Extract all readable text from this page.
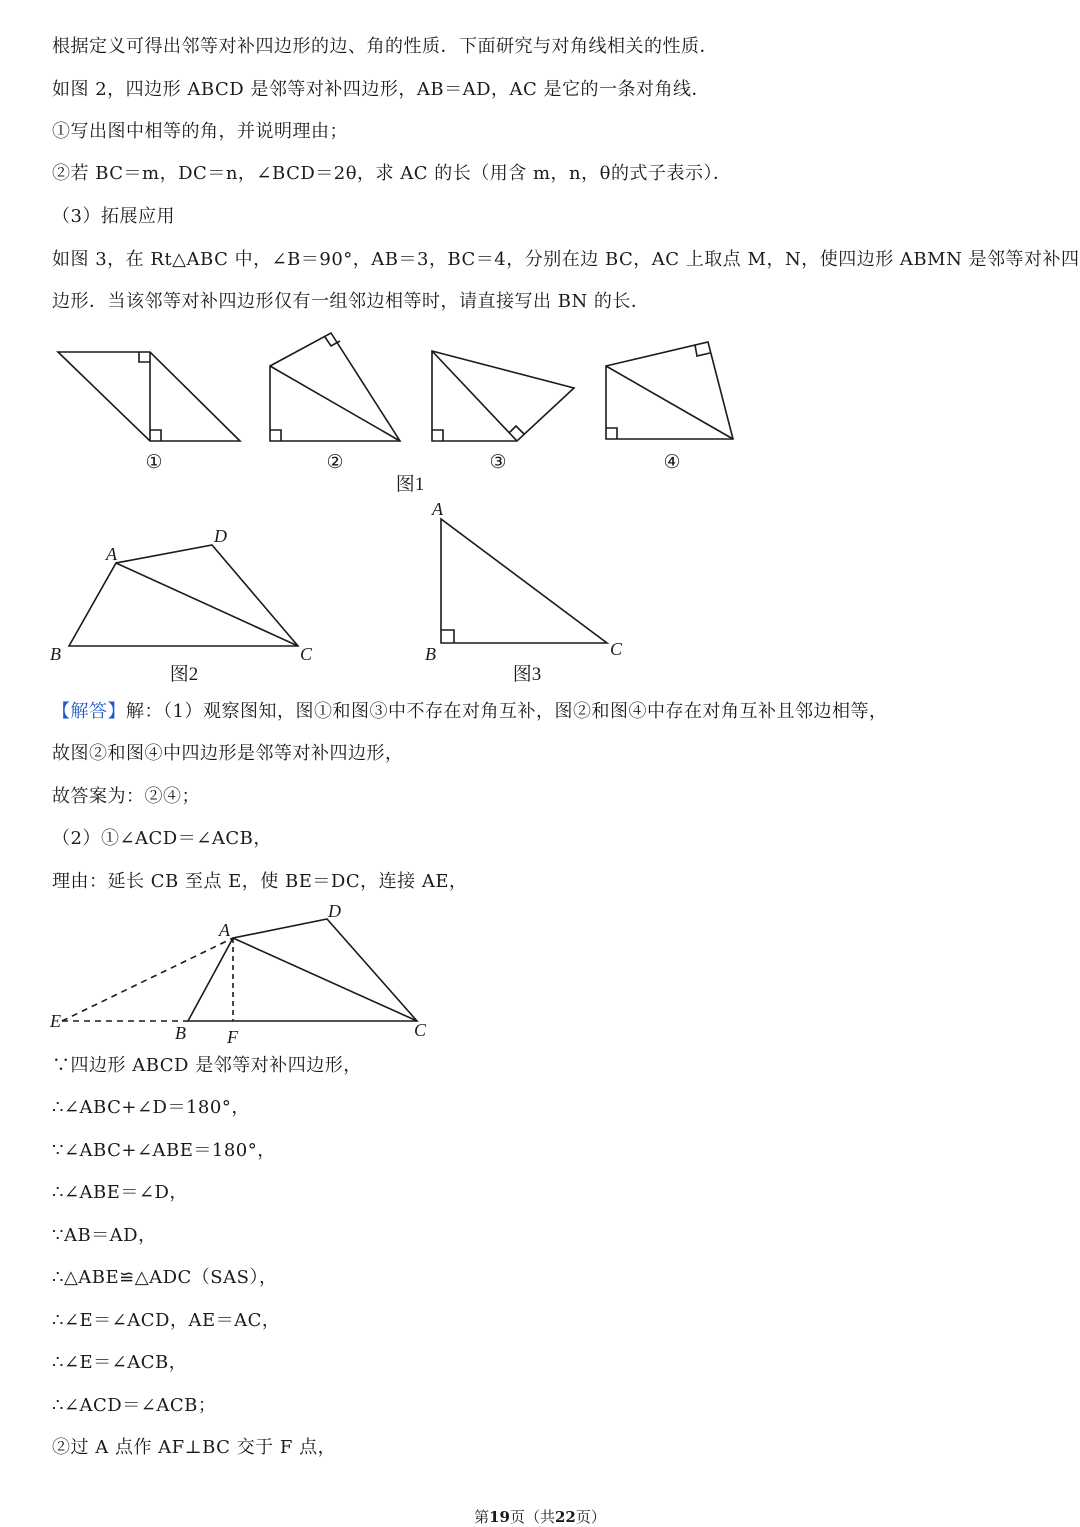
根据定义可得出邻等对补四边形的边、角的性质．下面研究与对角线相关的性质．
如图 2，四边形 ABCD 是邻等对补四边形，AB＝AD，AC 是它的一条对角线．
①写出图中相等的角，并说明理由；
②若 BC＝m，DC＝n，∠BCD＝2θ，求 AC 的长（用含 m，n，θ的式子表示）．
（3）拓展应用
如图 3，在 Rt△ABC 中，∠B＝90°，AB＝3，BC＝4，分别在边 BC，AC 上取点 M，N，使四边形 ABMN 是邻等对补四
边形．当该邻等对补四边形仅有一组邻边相等时，请直接写出 BN 的长．
①	②	③	④
图1
图2	图3
A
B	C
D
A
B	C
A
B	C
D
E
F
【解答】解：（1）观察图知，图①和图③中不存在对角互补，图②和图④中存在对角互补且邻边相等，
故图②和图④中四边形是邻等对补四边形，
故答案为：②④；
（2）①∠ACD＝∠ACB，
理由：延长 CB 至点 E，使 BE＝DC，连接 AE，
∵四边形 ABCD 是邻等对补四边形，
∴∠ABC+∠D＝180°，
∵∠ABC+∠ABE＝180°，
∴∠ABE＝∠D，
∵AB＝AD，
∴△ABE≌△ADC（SAS），
∴∠E＝∠ACD，AE＝AC，
∴∠E＝∠ACB，
∴∠ACD＝∠ACB；
②过 A 点作 AF⊥BC 交于 F 点，
第19页（共22页）
